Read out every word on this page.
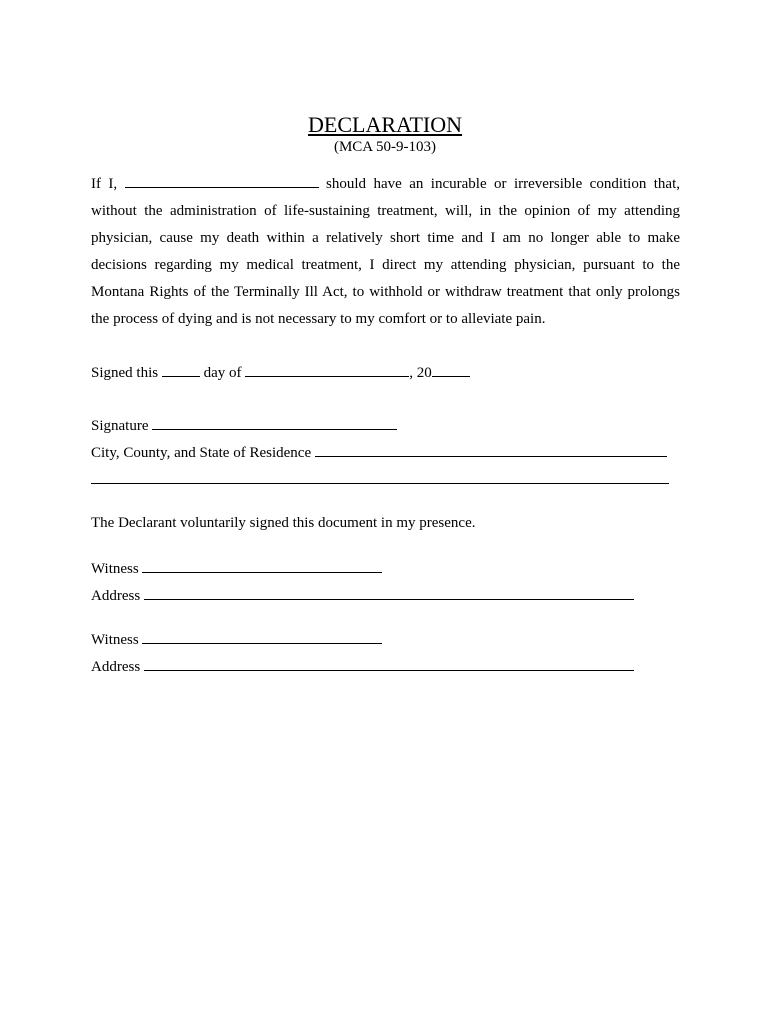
DECLARATION
(MCA 50-9-103)

If I,	should have an incurable or irreversible condition that, without the administration of life-sustaining treatment, will, in the opinion of my attending physician, cause my death within a relatively short time and I am no longer able to make decisions regarding my medical treatment, I direct my attending physician, pursuant to the Montana Rights of the Terminally Ill Act, to withhold or withdraw treatment that only prolongs the process of dying and is not necessary to my comfort or to alleviate pain.

Signed this	day of	, 20
Signature
City, County, and State of Residence
The Declarant voluntarily signed this document in my presence.
Witness
Address
Witness
Address
